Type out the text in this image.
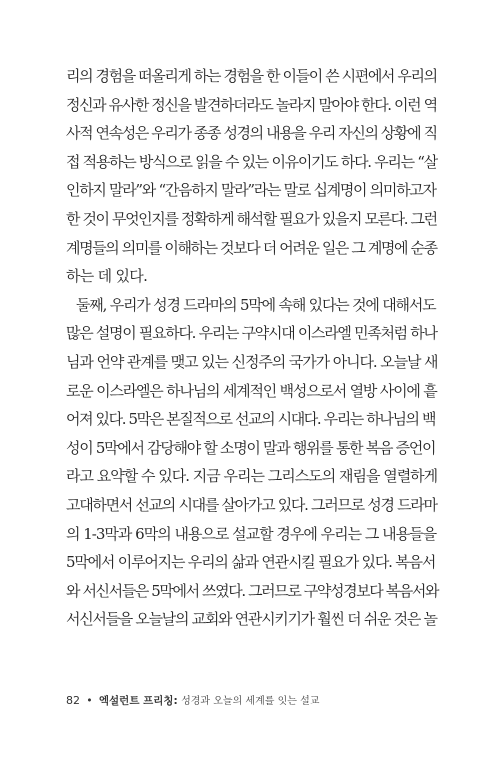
리의 경험을 떠올리게 하는 경험을 한 이들이 쓴 시편에서 우리의
정신과 유사한 정신을 발견하더라도 놀라지 말아야 한다. 이런 역
사적 연속성은 우리가 종종 성경의 내용을 우리 자신의 상황에 직
접 적용하는 방식으로 읽을 수 있는 이유이기도 하다. 우리는 “살
인하지 말라”와 “간음하지 말라”라는 말로 십계명이 의미하고자
한 것이 무엇인지를 정확하게 해석할 필요가 있을지 모른다. 그런
계명들의 의미를 이해하는 것보다 더 어려운 일은 그 계명에 순종
하는 데 있다.
둘째, 우리가 성경 드라마의 5막에 속해 있다는 것에 대해서도
많은 설명이 필요하다. 우리는 구약시대 이스라엘 민족처럼 하나
님과 언약 관계를 맺고 있는 신정주의 국가가 아니다. 오늘날 새
로운 이스라엘은 하나님의 세계적인 백성으로서 열방 사이에 흩
어져 있다. 5막은 본질적으로 선교의 시대다. 우리는 하나님의 백
성이 5막에서 감당해야 할 소명이 말과 행위를 통한 복음 증언이
라고 요약할 수 있다. 지금 우리는 그리스도의 재림을 열렬하게
고대하면서 선교의 시대를 살아가고 있다. 그러므로 성경 드라마
의 1-3막과 6막의 내용으로 설교할 경우에 우리는 그 내용들을
5막에서 이루어지는 우리의 삶과 연관시킬 필요가 있다. 복음서
와 서신서들은 5막에서 쓰였다. 그러므로 구약성경보다 복음서와
서신서들을 오늘날의 교회와 연관시키기가 훨씬 더 쉬운 것은 놀
82 • 엑설런트 프리칭: 성경과 오늘의 세계를 잇는 설교
